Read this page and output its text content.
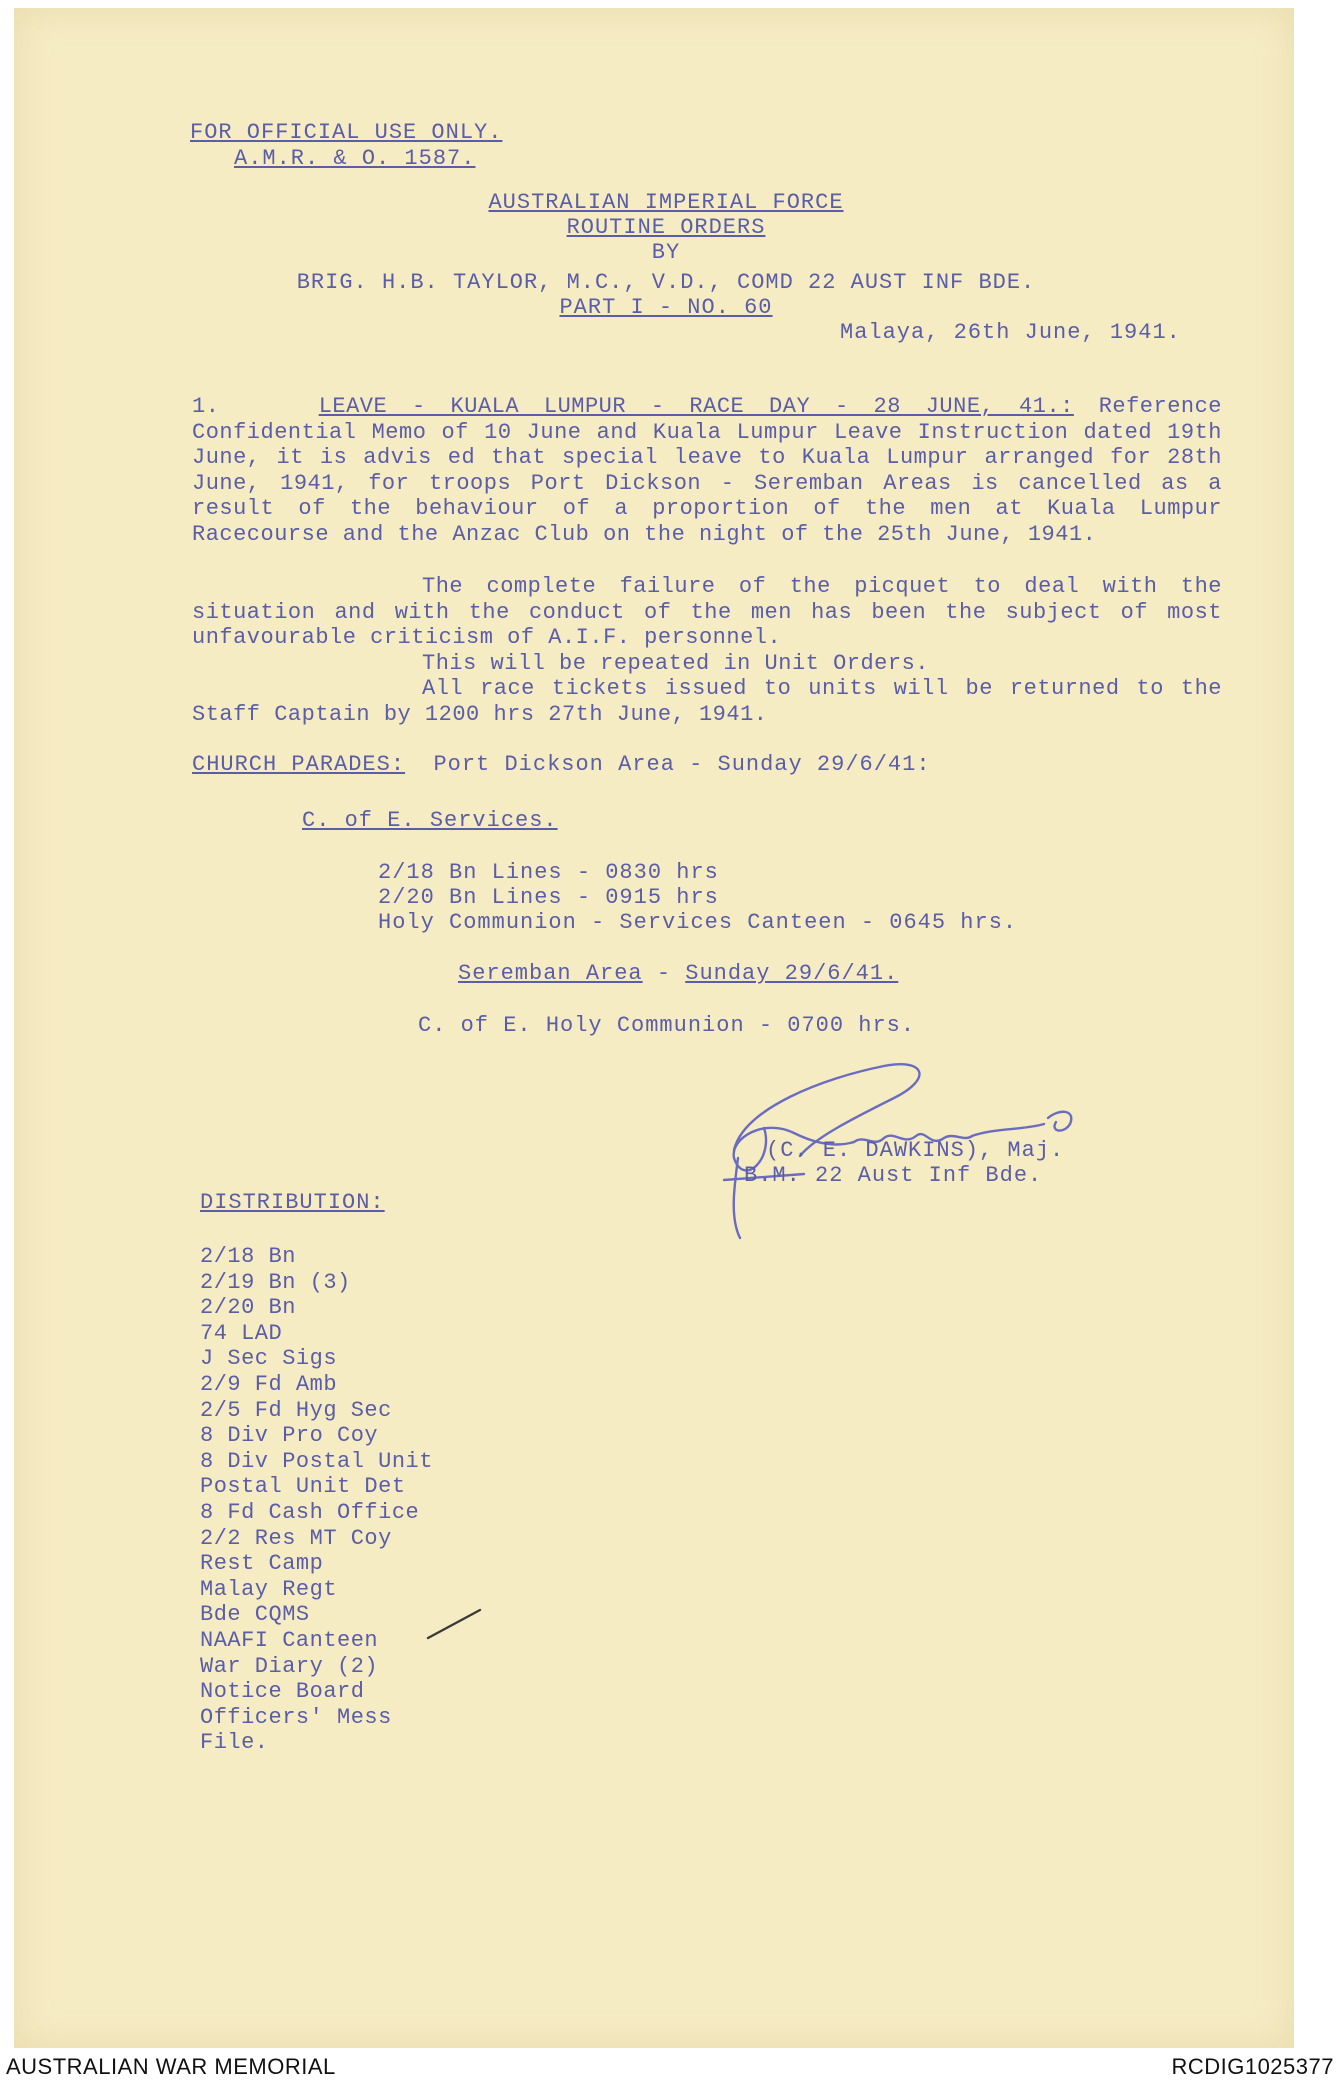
FOR OFFICIAL USE ONLY.

A.M.R. & O. 1587.

AUSTRALIAN IMPERIAL FORCE

ROUTINE ORDERS

BY

BRIG. H.B. TAYLOR, M.C., V.D., COMD 22 AUST INF BDE.

PART I - NO. 60

Malaya, 26th June, 1941.

1.	LEAVE - KUALA LUMPUR - RACE DAY - 28 JUNE, 41.: Reference Confidential Memo of 10 June and Kuala Lumpur Leave Instruction dated 19th June, it is advis ed that special leave to Kuala Lumpur arranged for 28th June, 1941, for troops Port Dickson - Seremban Areas is cancelled as a result of the behaviour of a proportion of the men at Kuala Lumpur Racecourse and the Anzac Club on the night of the 25th June, 1941.

The complete failure of the picquet to deal with the situation and with the conduct of the men has been the subject of most unfavourable criticism of A.I.F. personnel.

This will be repeated in Unit Orders.

All race tickets issued to units will be returned to the Staff Captain by 1200 hrs 27th June, 1941.

CHURCH PARADES: Port Dickson Area - Sunday 29/6/41:

C. of E. Services.

2/18 Bn Lines - 0830 hrs

2/20 Bn Lines - 0915 hrs

Holy Communion - Services Canteen - 0645 hrs.

Seremban Area - Sunday 29/6/41.

C. of E. Holy Communion - 0700 hrs.

(C. E. DAWKINS), Maj.

B.M. 22 Aust Inf Bde.

DISTRIBUTION:

2/18 Bn
2/19 Bn (3)
2/20 Bn
74 LAD
J Sec Sigs
2/9 Fd Amb
2/5 Fd Hyg Sec
8 Div Pro Coy
8 Div Postal Unit
Postal Unit Det
8 Fd Cash Office
2/2 Res MT Coy
Rest Camp
Malay Regt
Bde CQMS
NAAFI Canteen
War Diary (2)
Notice Board
Officers' Mess
File.
AUSTRALIAN WAR MEMORIAL	RCDIG1025377
